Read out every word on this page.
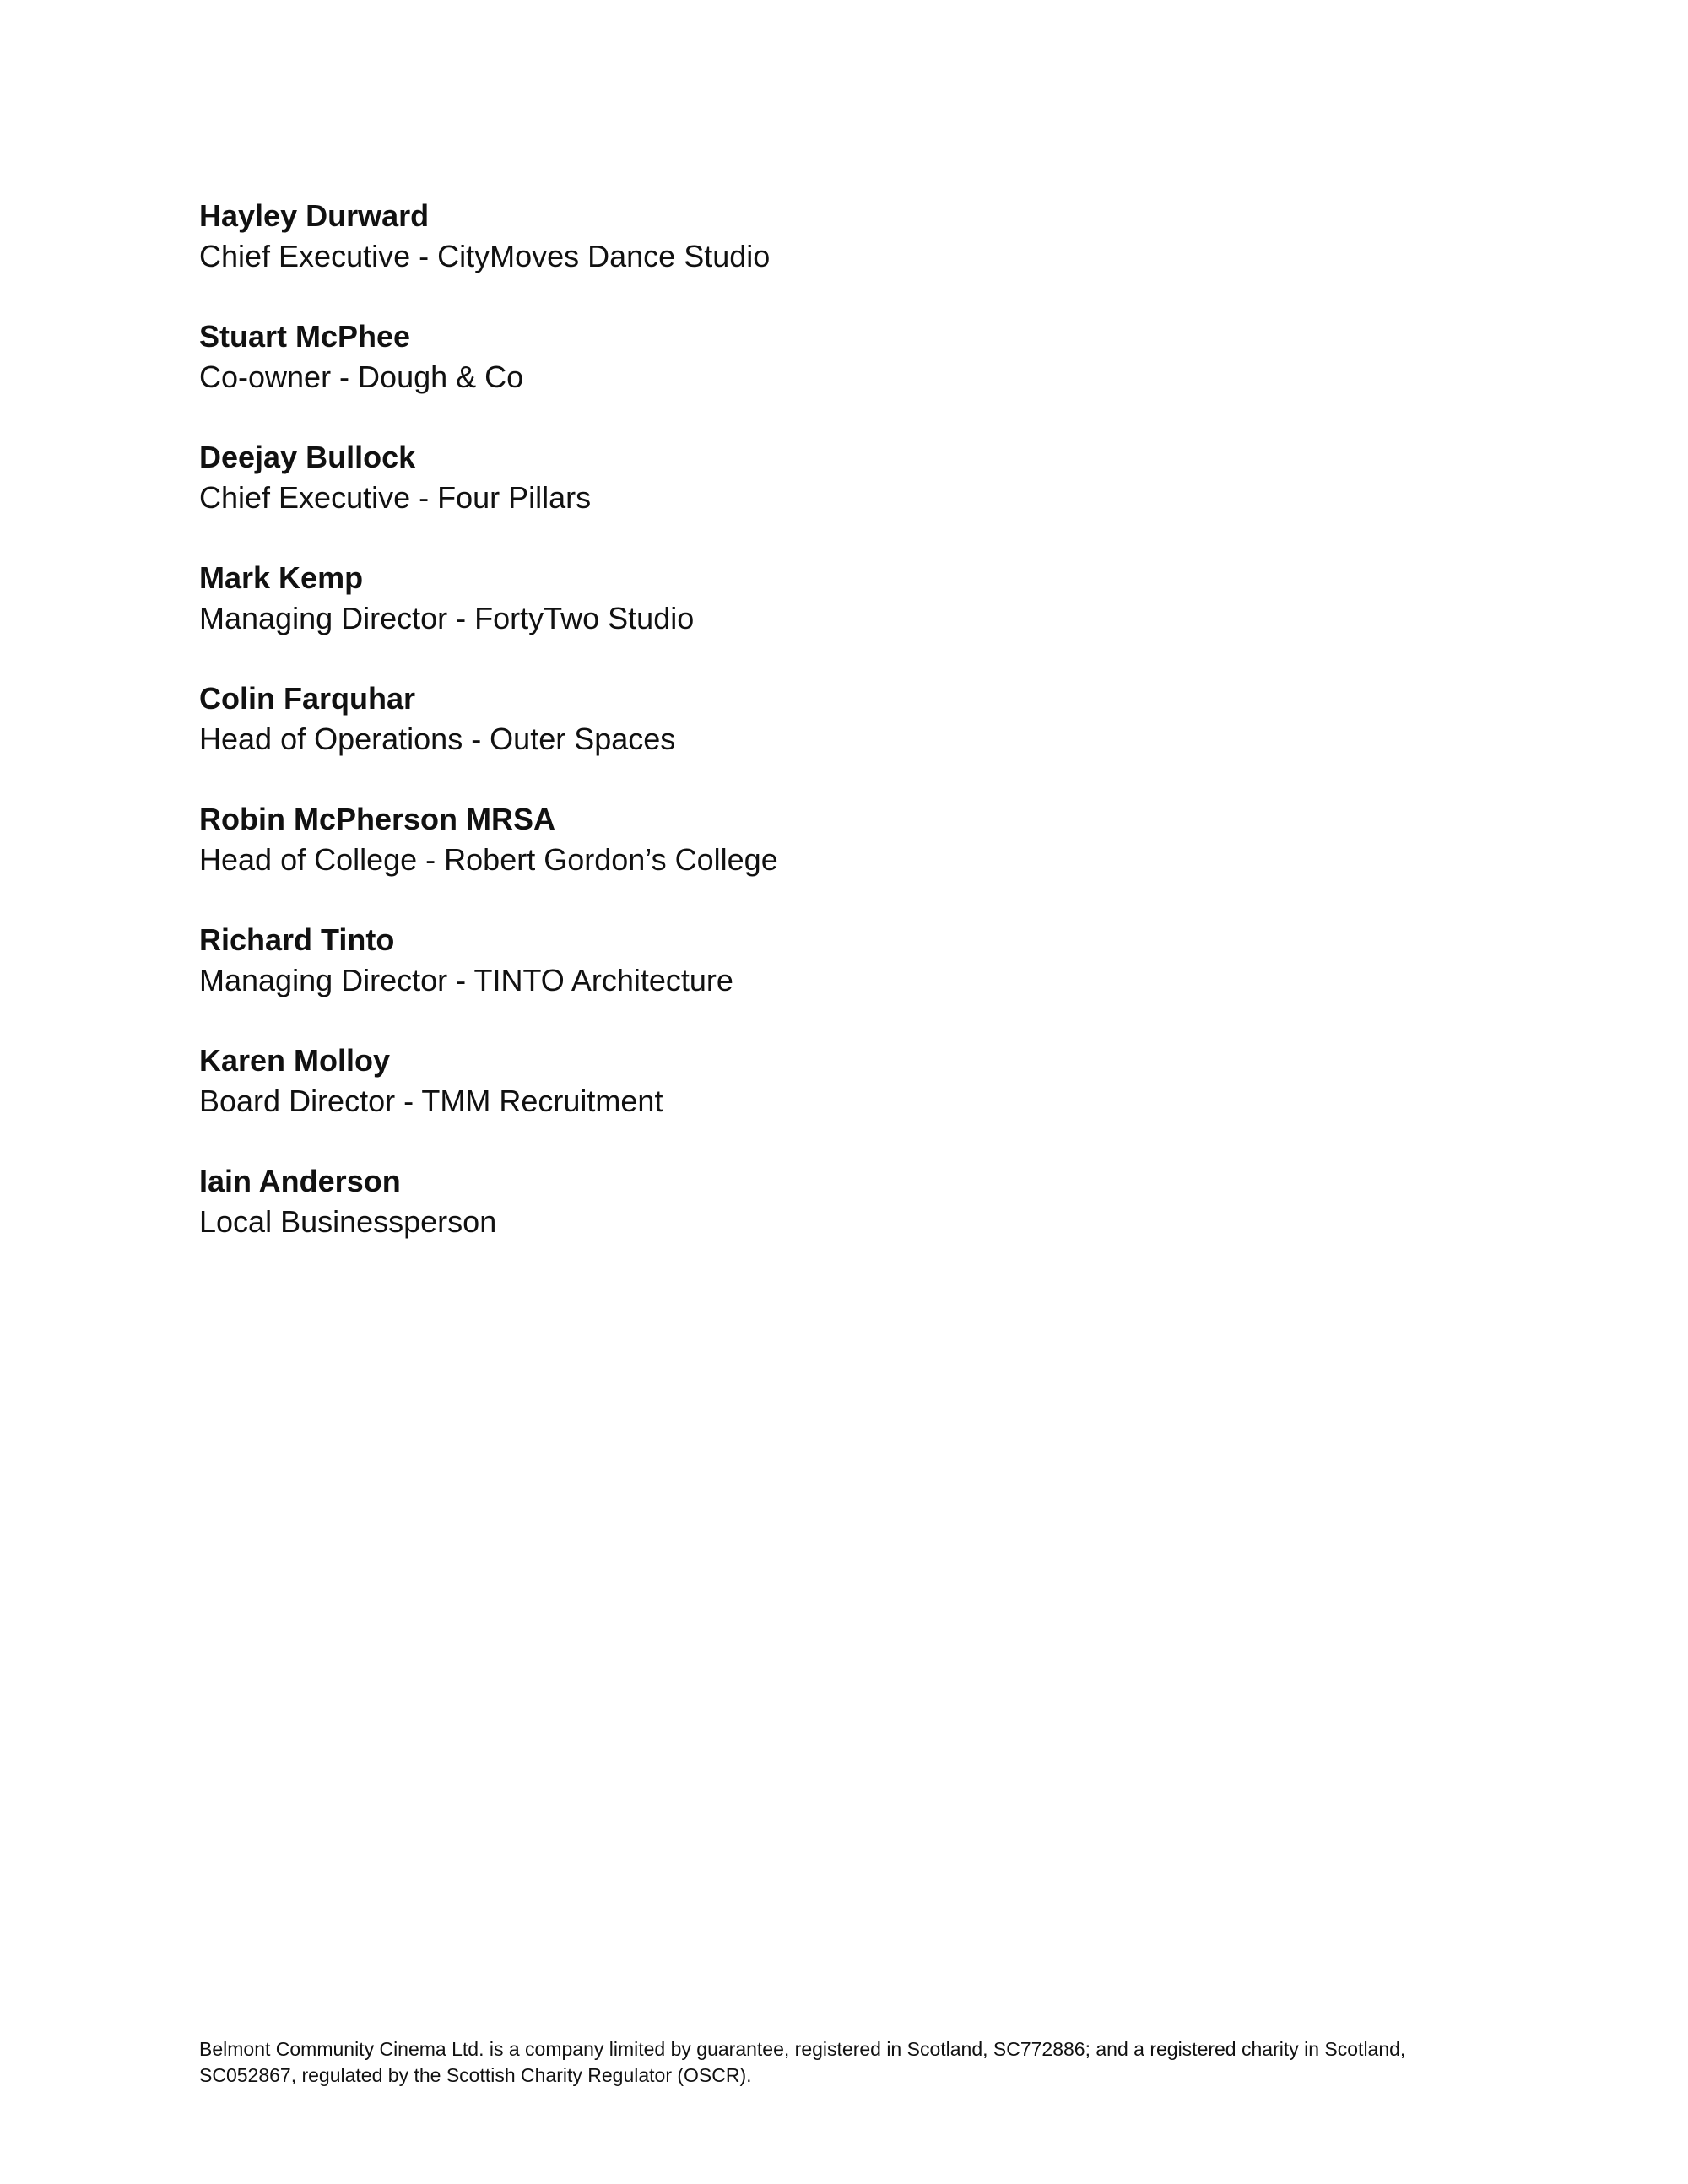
Hayley Durward
Chief Executive - CityMoves Dance Studio
Stuart McPhee
Co-owner - Dough & Co
Deejay Bullock
Chief Executive - Four Pillars
Mark Kemp
Managing Director - FortyTwo Studio
Colin Farquhar
Head of Operations - Outer Spaces
Robin McPherson MRSA
Head of College - Robert Gordon’s College
Richard Tinto
Managing Director - TINTO Architecture
Karen Molloy
Board Director - TMM Recruitment
Iain Anderson
Local Businessperson
Belmont Community Cinema Ltd. is a company limited by guarantee, registered in Scotland, SC772886; and a registered charity in Scotland,
SC052867, regulated by the Scottish Charity Regulator (OSCR).
